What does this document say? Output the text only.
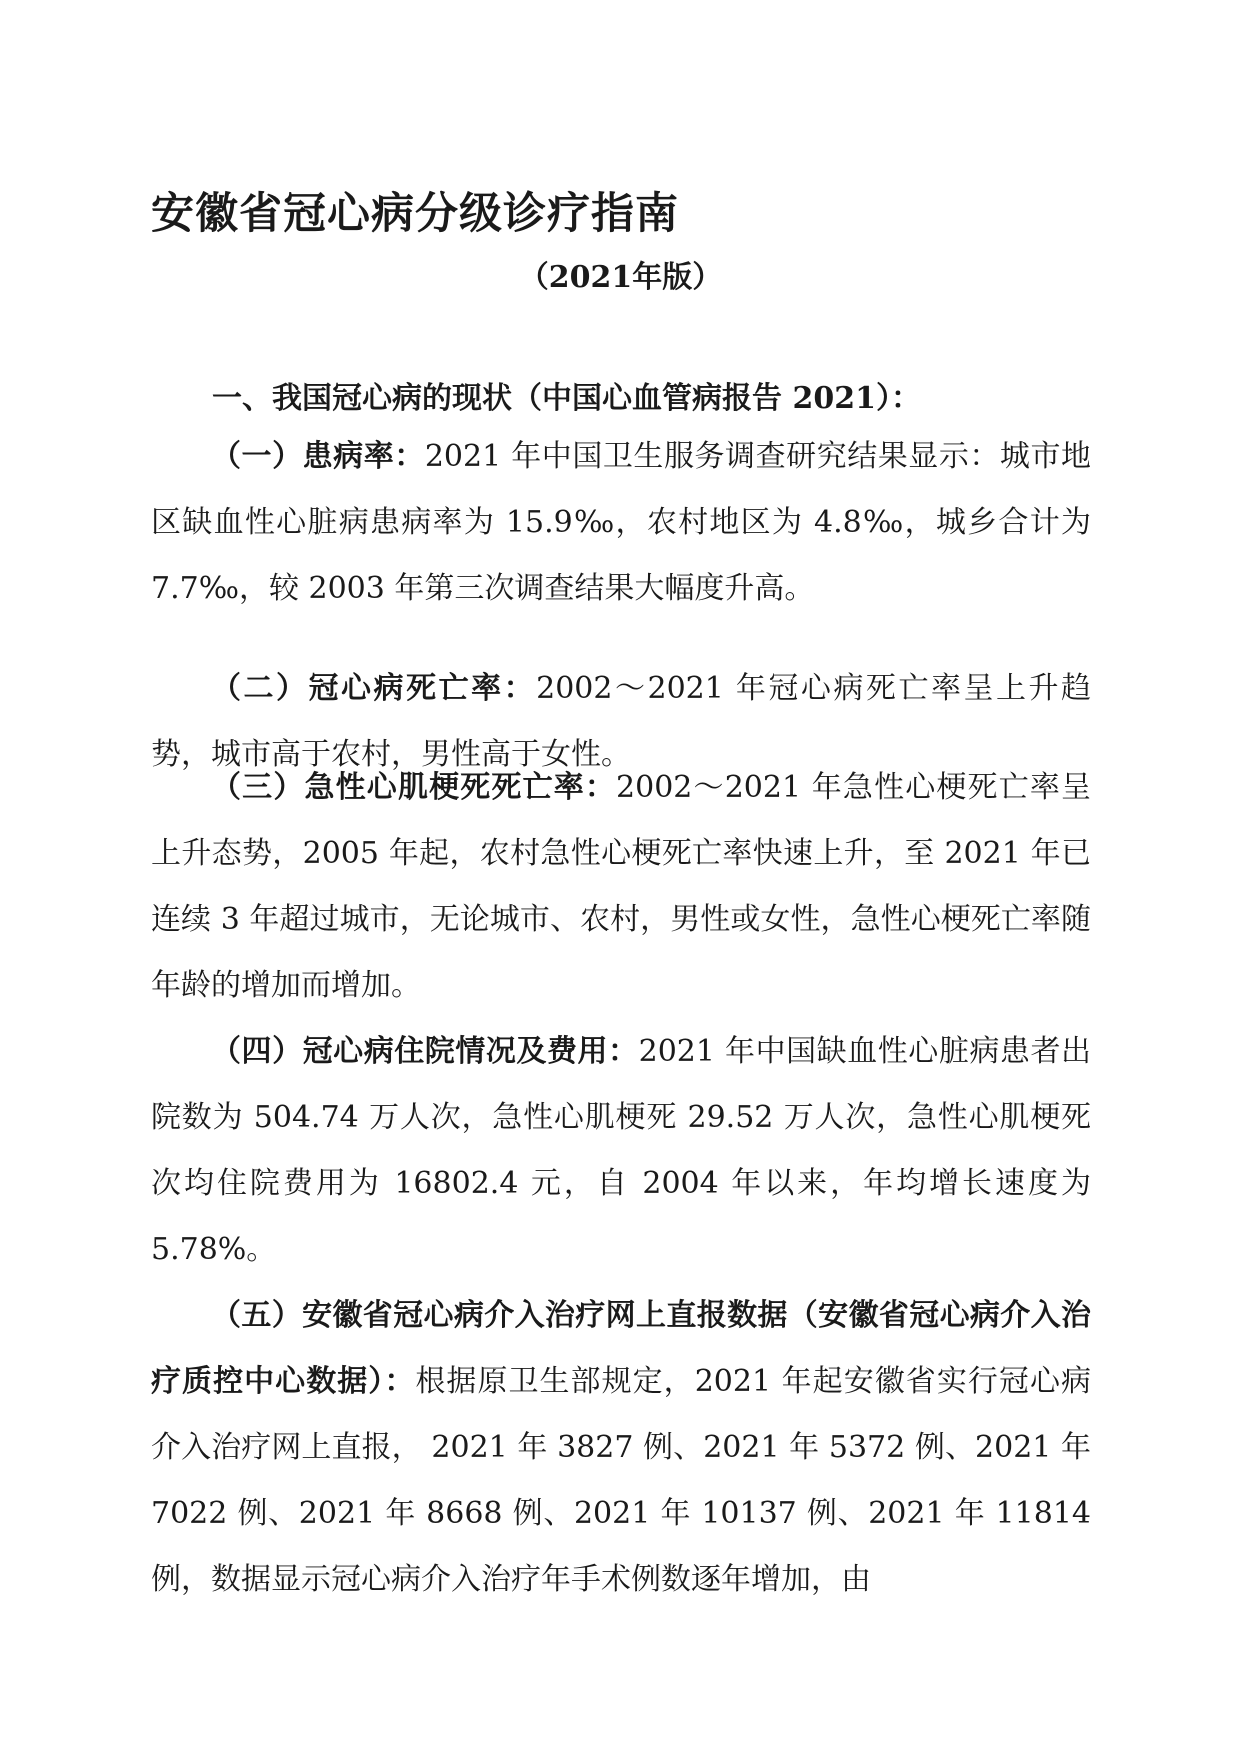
安徽省冠心病分级诊疗指南
（2021年版）
一、我国冠心病的现状（中国心血管病报告 2021）：

（一）患病率：2021 年中国卫生服务调查研究结果显示：城市地区缺血性心脏病患病率为 15.9‰，农村地区为 4.8‰，城乡合计为 7.7‰，较 2003 年第三次调查结果大幅度升高。

（二）冠心病死亡率：2002～2021 年冠心病死亡率呈上升趋势，城市高于农村，男性高于女性。

（三）急性心肌梗死死亡率：2002～2021 年急性心梗死亡率呈上升态势，2005 年起，农村急性心梗死亡率快速上升，至 2021 年已连续 3 年超过城市，无论城市、农村，男性或女性，急性心梗死亡率随年龄的增加而增加。

（四）冠心病住院情况及费用：2021 年中国缺血性心脏病患者出院数为 504.74 万人次，急性心肌梗死 29.52 万人次，急性心肌梗死次均住院费用为 16802.4 元，自 2004 年以来，年均增长速度为 5.78%。

（五）安徽省冠心病介入治疗网上直报数据（安徽省冠心病介入治疗质控中心数据）：根据原卫生部规定，2021 年起安徽省实行冠心病介入治疗网上直报， 2021 年 3827 例、2021 年 5372 例、2021 年 7022 例、2021 年 8668 例、2021 年 10137 例、2021 年 11814 例，数据显示冠心病介入治疗年手术例数逐年增加，由
